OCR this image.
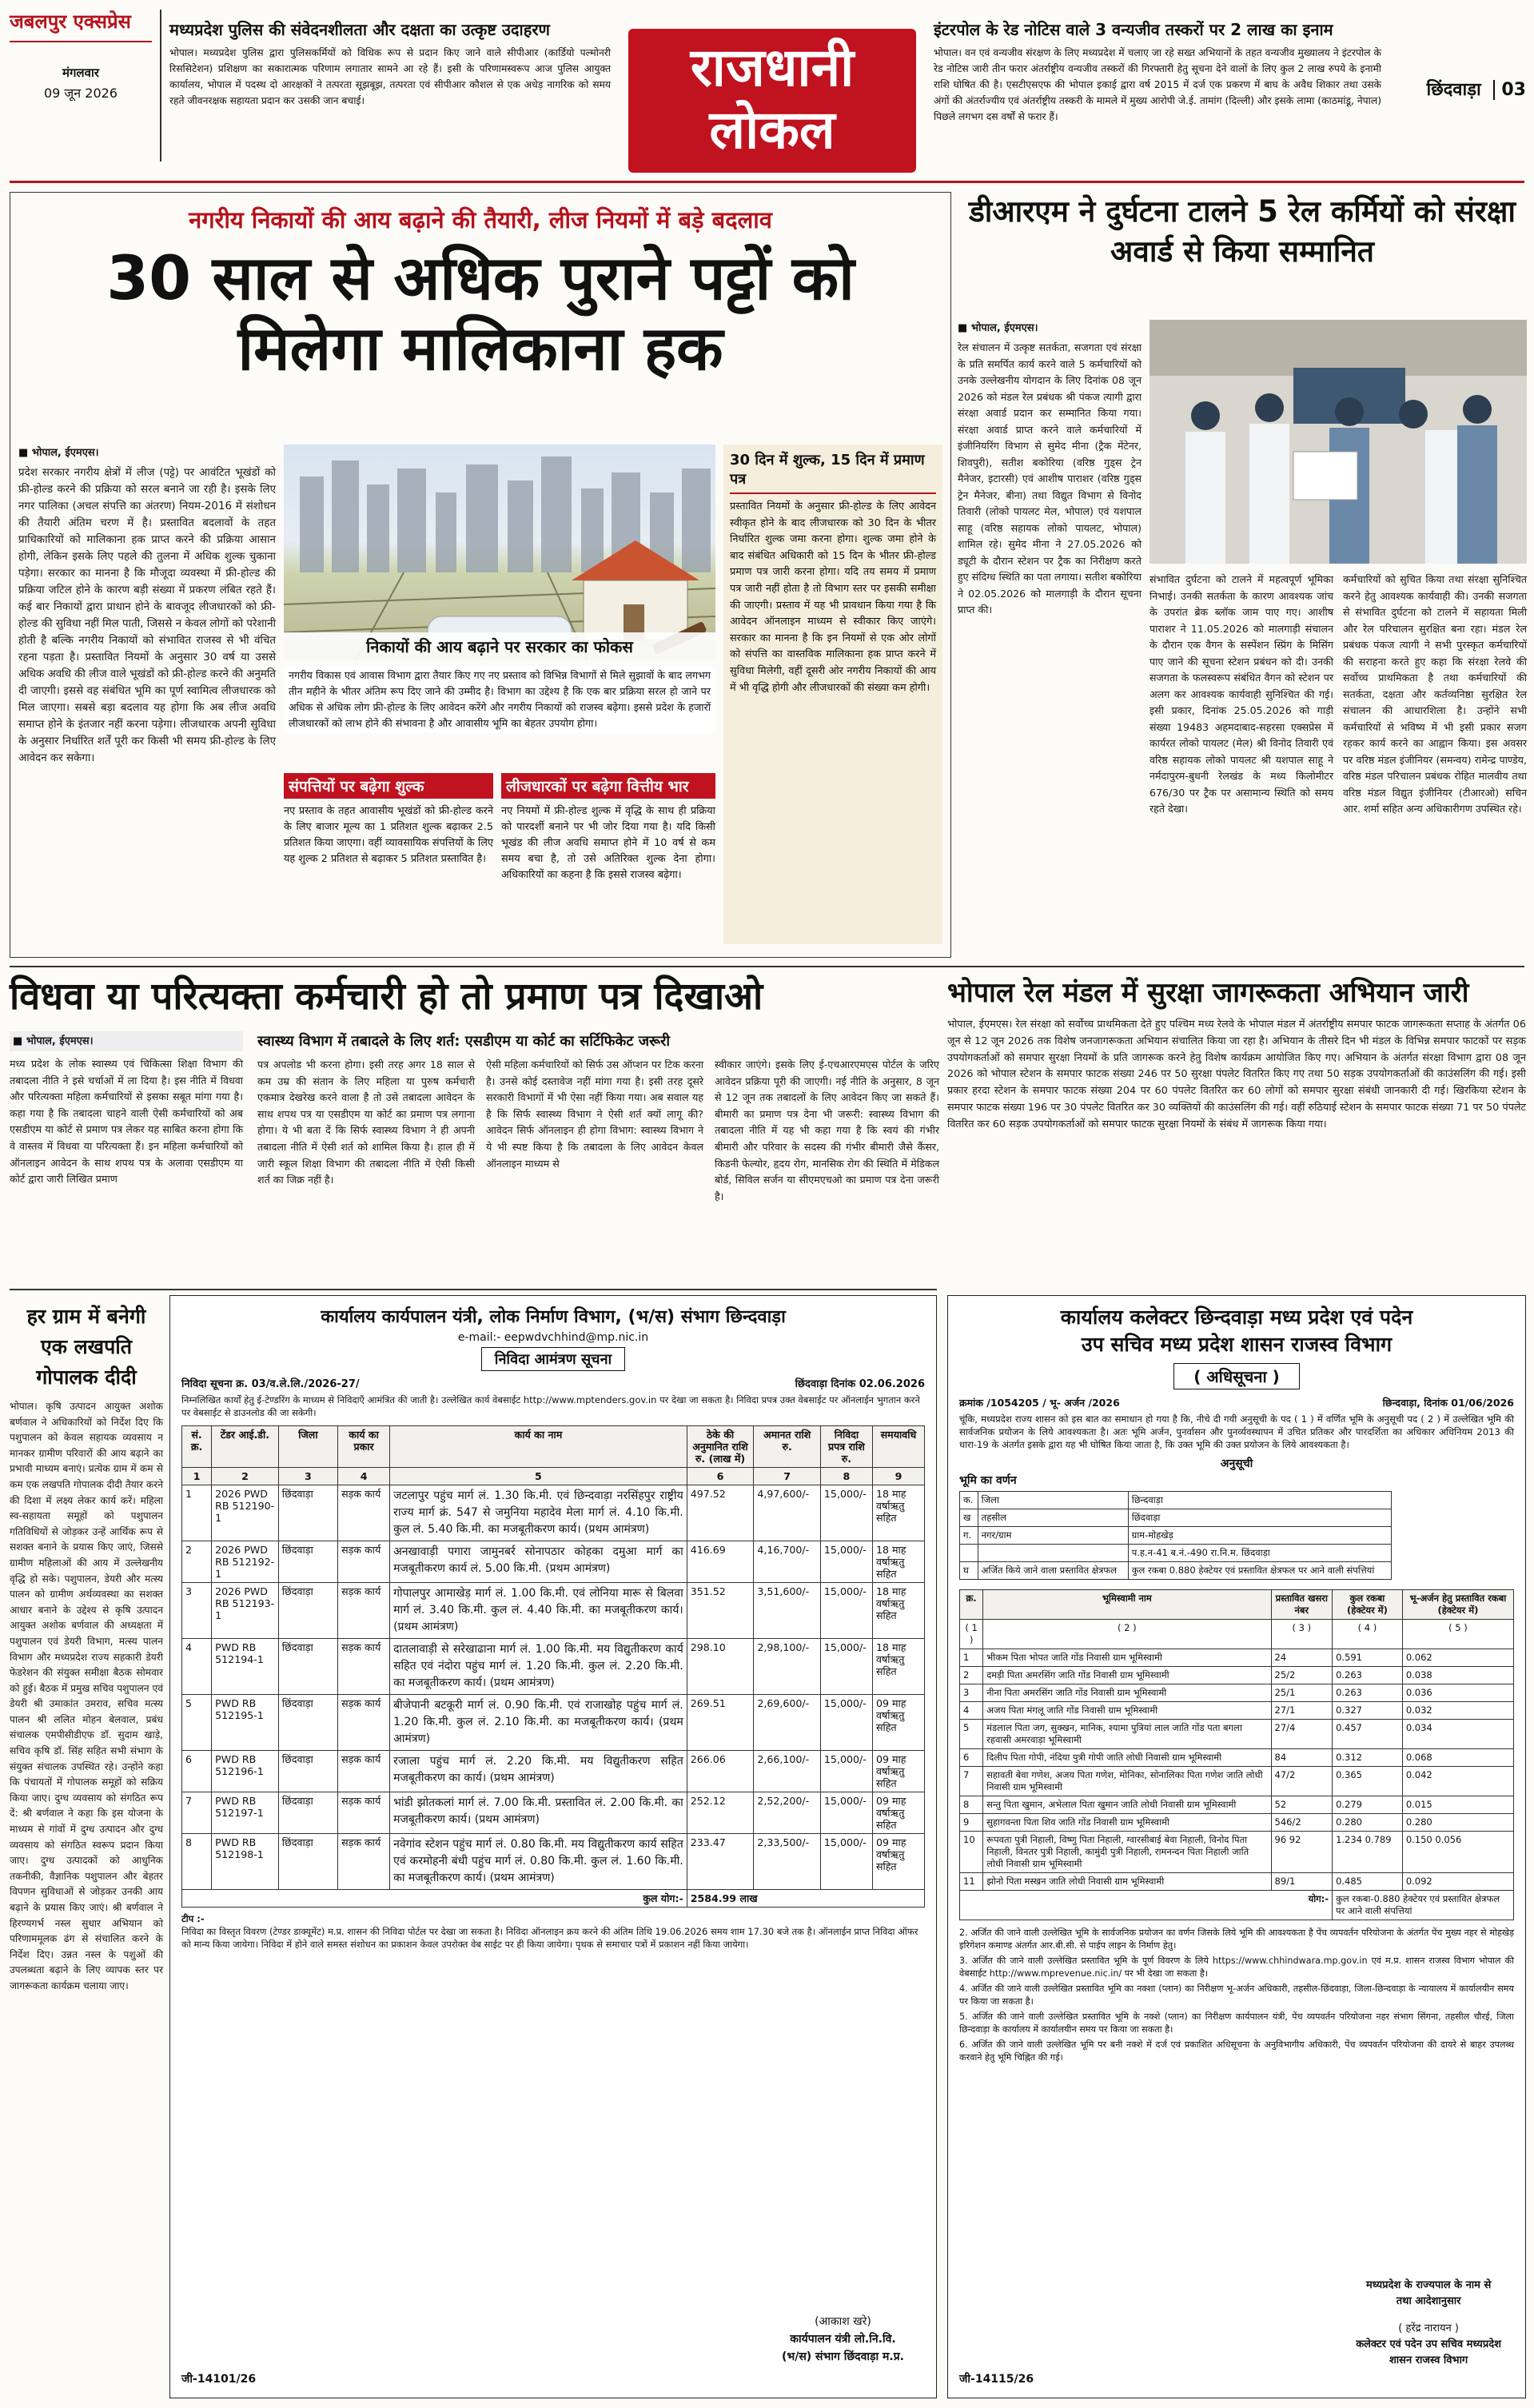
जबलपुर एक्सप्रेस
मंगलवार
09 जून 2026
मध्यप्रदेश पुलिस की संवेदनशीलता और दक्षता का उत्कृष्ट उदाहरण
भोपाल। मध्यप्रदेश पुलिस द्वारा पुलिसकर्मियों को विधिक रूप से प्रदान किए जाने वाले सीपीआर (कार्डियो पल्मोनरी रिससिटेशन) प्रशिक्षण का सकारात्मक परिणाम लगातार सामने आ रहे हैं। इसी के परिणामस्वरूप आज पुलिस आयुक्त कार्यालय, भोपाल में पदस्थ दो आरक्षकों ने तत्परता सूझबूझ, तत्परता एवं सीपीआर कौशल से एक अधेड़ नागरिक को समय रहते जीवनरक्षक सहायता प्रदान कर उसकी जान बचाई।
राजधानी
लोकल
इंटरपोल के रेड नोटिस वाले 3 वन्यजीव तस्करों पर 2 लाख का इनाम
भोपाल। वन एवं वन्यजीव संरक्षण के लिए मध्यप्रदेश में चलाए जा रहे सख्त अभियानों के तहत वन्यजीव मुख्यालय ने इंटरपोल के रेड नोटिस जारी तीन फरार अंतर्राष्ट्रीय वन्यजीव तस्करों की गिरफ्तारी हेतु सूचना देने वालों के लिए कुल 2 लाख रुपये के इनामी राशि घोषित की है। एसटीएसएफ की भोपाल इकाई द्वारा वर्ष 2015 में दर्ज एक प्रकरण में बाघ के अवैध शिकार तथा उसके अंगों की अंतर्राज्यीय एवं अंतर्राष्ट्रीय तस्करी के मामले में मुख्य आरोपी जे.ई. तामांग (दिल्ली) और इसके लामा (काठमांडू, नेपाल) पिछले लगभग दस वर्षों से फरार हैं।
छिंदवाड़ा 03
नगरीय निकायों की आय बढ़ाने की तैयारी, लीज नियमों में बड़े बदलाव
30 साल से अधिक पुराने पट्टों को मिलेगा मालिकाना हक

■ भोपाल, ईएमएस।

प्रदेश सरकार नगरीय क्षेत्रों में लीज (पट्टे) पर आवंटित भूखंडों को फ्री-होल्ड करने की प्रक्रिया को सरल बनाने जा रही है। इसके लिए नगर पालिका (अचल संपत्ति का अंतरण) नियम-2016 में संशोधन की तैयारी अंतिम चरण में है। प्रस्तावित बदलावों के तहत प्राधिकारियों को मालिकाना हक प्राप्त करने की प्रक्रिया आसान होगी, लेकिन इसके लिए पहले की तुलना में अधिक शुल्क चुकाना पड़ेगा। सरकार का मानना है कि मौजूदा व्यवस्था में फ्री-होल्ड की प्रक्रिया जटिल होने के कारण बड़ी संख्या में प्रकरण लंबित रहते हैं। कई बार निकायों द्वारा प्राधान होने के बावजूद लीजधारकों को फ्री-होल्ड की सुविधा नहीं मिल पाती, जिससे न केवल लोगों को परेशानी होती है बल्कि नगरीय निकायों को संभावित राजस्व से भी वंचित रहना पड़ता है। प्रस्तावित नियमों के अनुसार 30 वर्ष या उससे अधिक अवधि की लीज वाले भूखंडों को फ्री-होल्ड करने की अनुमति दी जाएगी। इससे वह संबंधित भूमि का पूर्ण स्वामित्व लीजधारक को मिल जाएगा। सबसे बड़ा बदलाव यह होगा कि अब लीज अवधि समाप्त होने के इंतजार नहीं करना पड़ेगा। लीजधारक अपनी सुविधा के अनुसार निर्धारित शर्तें पूरी कर किसी भी समय फ्री-होल्ड के लिए आवेदन कर सकेगा।

निकायों की आय बढ़ाने पर सरकार का फोकस
नगरीय विकास एवं आवास विभाग द्वारा तैयार किए गए नए प्रस्ताव को विभिन्न विभागों से मिले सुझावों के बाद लगभग तीन महीने के भीतर अंतिम रूप दिए जाने की उम्मीद है। विभाग का उद्देश्य है कि एक बार प्रक्रिया सरल हो जाने पर अधिक से अधिक लोग फ्री-होल्ड के लिए आवेदन करेंगे और नगरीय निकायों को राजस्व बढ़ेगा। इससे प्रदेश के हजारों लीजधारकों को लाभ होने की संभावना है और आवासीय भूमि का बेहतर उपयोग होगा।
संपत्तियों पर बढ़ेगा शुल्क
नए प्रस्ताव के तहत आवासीय भूखंडों को फ्री-होल्ड करने के लिए बाजार मूल्य का 1 प्रतिशत शुल्क बढ़ाकर 2.5 प्रतिशत किया जाएगा। वहीं व्यावसायिक संपत्तियों के लिए यह शुल्क 2 प्रतिशत से बढ़ाकर 5 प्रतिशत प्रस्तावित है।
लीजधारकों पर बढ़ेगा वित्तीय भार
नए नियमों में फ्री-होल्ड शुल्क में वृद्धि के साथ ही प्रक्रिया को पारदर्शी बनाने पर भी जोर दिया गया है। यदि किसी भूखंड की लीज अवधि समाप्त होने में 10 वर्ष से कम समय बचा है, तो उसे अतिरिक्त शुल्क देना होगा। अधिकारियों का कहना है कि इससे राजस्व बढ़ेगा।
30 दिन में शुल्क, 15 दिन में प्रमाण पत्र
प्रस्तावित नियमों के अनुसार फ्री-होल्ड के लिए आवेदन स्वीकृत होने के बाद लीजधारक को 30 दिन के भीतर निर्धारित शुल्क जमा करना होगा। शुल्क जमा होने के बाद संबंधित अधिकारी को 15 दिन के भीतर फ्री-होल्ड प्रमाण पत्र जारी करना होगा। यदि तय समय में प्रमाण पत्र जारी नहीं होता है तो विभाग स्तर पर इसकी समीक्षा की जाएगी। प्रस्ताव में यह भी प्रावधान किया गया है कि आवेदन ऑनलाइन माध्यम से स्वीकार किए जाएंगे। सरकार का मानना है कि इन नियमों से एक ओर लोगों को संपत्ति का वास्तविक मालिकाना हक प्राप्त करने में सुविधा मिलेगी, वहीं दूसरी ओर नगरीय निकायों की आय में भी वृद्धि होगी और लीजधारकों की संख्या कम होगी।
डीआरएम ने दुर्घटना टालने 5 रेल कर्मियों को संरक्षा अवार्ड से किया सम्मानित

■ भोपाल, ईएमएस।

रेल संचालन में उत्कृष्ट सतर्कता, सजगता एवं संरक्षा के प्रति समर्पित कार्य करने वाले 5 कर्मचारियों को उनके उल्लेखनीय योगदान के लिए दिनांक 08 जून 2026 को मंडल रेल प्रबंधक श्री पंकज त्यागी द्वारा संरक्षा अवार्ड प्रदान कर सम्मानित किया गया। संरक्षा अवार्ड प्राप्त करने वाले कर्मचारियों में इंजीनियरिंग विभाग से सुमेद मीना (ट्रैक मेंटेनर, शिवपुरी), सतीश बकोरिया (वरिष्ठ गुड्स ट्रेन मैनेजर, इटारसी) एवं आशीष पाराशर (वरिष्ठ गुड्स ट्रेन मैनेजर, बीना) तथा विद्युत विभाग से विनोद तिवारी (लोको पायलट मेल, भोपाल) एवं यशपाल साहू (वरिष्ठ सहायक लोको पायलट, भोपाल) शामिल रहे। सुमेद मीना ने 27.05.2026 को ड्यूटी के दौरान स्टेशन पर ट्रैक का निरीक्षण करते हुए संदिग्ध स्थिति का पता लगाया। सतीश बकोरिया ने 02.05.2026 को मालगाड़ी के दौरान सूचना प्राप्त की।

संभावित दुर्घटना को टालने में महत्वपूर्ण भूमिका निभाई। उनकी सतर्कता के कारण आवश्यक जांच के उपरांत ब्रेक ब्लॉक जाम पाए गए। आशीष पाराशर ने 11.05.2026 को मालगाड़ी संचालन के दौरान एक वैगन के सस्पेंशन स्प्रिंग के मिसिंग पाए जाने की सूचना स्टेशन प्रबंधन को दी। उनकी सजगता के फलस्वरूप संबंधित वैगन को स्टेशन पर अलग कर आवश्यक कार्यवाही सुनिश्चित की गई। इसी प्रकार, दिनांक 25.05.2026 को गाड़ी संख्या 19483 अहमदाबाद-सहरसा एक्सप्रेस में कार्यरत लोको पायलट (मेल) श्री विनोद तिवारी एवं वरिष्ठ सहायक लोको पायलट श्री यशपाल साहू ने नर्मदापुरम-बुधनी रेलखंड के मध्य किलोमीटर 676/30 पर ट्रैक पर असामान्य स्थिति को समय रहते देखा।

कर्मचारियों को सुचित किया तथा संरक्षा सुनिश्चित करने हेतु आवश्यक कार्यवाही की। उनकी सजगता से संभावित दुर्घटना को टालने में सहायता मिली और रेल परिचालन सुरक्षित बना रहा। मंडल रेल प्रबंधक पंकज त्यागी ने सभी पुरस्कृत कर्मचारियों की सराहना करते हुए कहा कि संरक्षा रेलवे की सर्वोच्च प्राथमिकता है तथा कर्मचारियों की सतर्कता, दक्षता और कर्तव्यनिष्ठा सुरक्षित रेल संचालन की आधारशिला है। उन्होंने सभी कर्मचारियों से भविष्य में भी इसी प्रकार सजग रहकर कार्य करने का आह्वान किया। इस अवसर पर वरिष्ठ मंडल इंजीनियर (समन्वय) रामेन्द्र पाण्डेय, वरिष्ठ मंडल परिचालन प्रबंधक रोहित मालवीय तथा वरिष्ठ मंडल विद्युत इंजीनियर (टीआरओ) सचिन आर. शर्मा सहित अन्य अधिकारीगण उपस्थित रहे।

विधवा या परित्यक्ता कर्मचारी हो तो प्रमाण पत्र दिखाओ
स्वास्थ्य विभाग में तबादले के लिए शर्त: एसडीएम या कोर्ट का सर्टिफिकेट जरूरी

■ भोपाल, ईएमएस।

मध्य प्रदेश के लोक स्वास्थ्य एवं चिकित्सा शिक्षा विभाग की तबादला नीति ने इसे चर्चाओं में ला दिया है। इस नीति में विधवा और परित्यक्ता महिला कर्मचारियों से इसका सबूत मांगा गया है। कहा गया है कि तबादला चाहने वाली ऐसी कर्मचारियों को अब एसडीएम या कोर्ट से प्रमाण पत्र लेकर यह साबित करना होगा कि वे वास्तव में विधवा या परित्यक्ता हैं। इन महिला कर्मचारियों को ऑनलाइन आवेदन के साथ शपथ पत्र के अलावा एसडीएम या कोर्ट द्वारा जारी लिखित प्रमाण

पत्र अपलोड भी करना होगा। इसी तरह अगर 18 साल से कम उम्र की संतान के लिए महिला या पुरुष कर्मचारी एकमात्र देखरेख करने वाला है तो उसे तबादला आवेदन के साथ शपथ पत्र या एसडीएम या कोर्ट का प्रमाण पत्र लगाना होगा। ये भी बता दें कि सिर्फ स्वास्थ्य विभाग ने ही अपनी तबादला नीति में ऐसी शर्त को शामिल किया है। हाल ही में जारी स्कूल शिक्षा विभाग की तबादला नीति में ऐसी किसी शर्त का जिक्र नहीं है।

ऐसी महिला कर्मचारियों को सिर्फ उस ऑप्शन पर टिक करना है। उनसे कोई दस्तावेज नहीं मांगा गया है। इसी तरह दूसरे सरकारी विभागों में भी ऐसा नहीं किया गया। अब सवाल यह है कि सिर्फ स्वास्थ्य विभाग ने ऐसी शर्त क्यों लागू की? आवेदन सिर्फ ऑनलाइन ही होगा विभाग: स्वास्थ्य विभाग ने ये भी स्पष्ट किया है कि तबादला के लिए आवेदन केवल ऑनलाइन माध्यम से

स्वीकार जाएंगे। इसके लिए ई-एचआरएमएस पोर्टल के जरिए आवेदन प्रक्रिया पूरी की जाएगी। नई नीति के अनुसार, 8 जून से 12 जून तक तबादलों के लिए आवेदन किए जा सकते हैं। बीमारी का प्रमाण पत्र देना भी जरूरी: स्वास्थ्य विभाग की तबादला नीति में यह भी कहा गया है कि स्वयं की गंभीर बीमारी और परिवार के सदस्य की गंभीर बीमारी जैसे कैंसर, किडनी फेल्योर, हृदय रोग, मानसिक रोग की स्थिति में मेडिकल बोर्ड, सिविल सर्जन या सीएमएचओ का प्रमाण पत्र देना जरूरी है।

भोपाल रेल मंडल में सुरक्षा जागरूकता अभियान जारी

भोपाल, ईएमएस। रेल संरक्षा को सर्वोच्च प्राथमिकता देते हुए पश्चिम मध्य रेलवे के भोपाल मंडल में अंतर्राष्ट्रीय समपार फाटक जागरूकता सप्ताह के अंतर्गत 06 जून से 12 जून 2026 तक विशेष जनजागरूकता अभियान संचालित किया जा रहा है। अभियान के तीसरे दिन भी मंडल के विभिन्न समपार फाटकों पर सड़क उपयोगकर्ताओं को समपार सुरक्षा नियमों के प्रति जागरूक करने हेतु विशेष कार्यक्रम आयोजित किए गए। अभियान के अंतर्गत संरक्षा विभाग द्वारा 08 जून 2026 को भोपाल स्टेशन के समपार फाटक संख्या 246 पर 50 सुरक्षा पंपलेट वितरित किए गए तथा 50 सड़क उपयोगकर्ताओं की काउंसलिंग की गई। इसी प्रकार हरदा स्टेशन के समपार फाटक संख्या 204 पर 60 पंपलेट वितरित कर 60 लोगों को समपार सुरक्षा संबंधी जानकारी दी गई। खिरकिया स्टेशन के समपार फाटक संख्या 196 पर 30 पंपलेट वितरित कर 30 व्यक्तियों की काउंसलिंग की गई। वहीं रुठियाई स्टेशन के समपार फाटक संख्या 71 पर 50 पंपलेट वितरित कर 60 सड़क उपयोगकर्ताओं को समपार फाटक सुरक्षा नियमों के संबंध में जागरूक किया गया।

हर ग्राम में बनेगी
एक लखपति
गोपालक दीदी

भोपाल। कृषि उत्पादन आयुक्त अशोक बर्णवाल ने अधिकारियों को निर्देश दिए कि पशुपालन को केवल सहायक व्यवसाय न मानकर ग्रामीण परिवारों की आय बढ़ाने का प्रभावी माध्यम बनाएं। प्रत्येक ग्राम में कम से कम एक लखपति गोपालक दीदी तैयार करने की दिशा में लक्ष्य लेकर कार्य करें। महिला स्व-सहायता समूहों को पशुपालन गतिविधियों से जोड़कर उन्हें आर्थिक रूप से सशक्त बनाने के प्रयास किए जाएं, जिससे ग्रामीण महिलाओं की आय में उल्लेखनीय वृद्धि हो सके। पशुपालन, डेयरी और मत्स्य पालन को ग्रामीण अर्थव्यवस्था का सशक्त आधार बनाने के उद्देश्य से कृषि उत्पादन आयुक्त अशोक बर्णवाल की अध्यक्षता में पशुपालन एवं डेयरी विभाग, मत्स्य पालन विभाग और मध्यप्रदेश राज्य सहकारी डेयरी फेडरेशन की संयुक्त समीक्षा बैठक सोमवार को हुई। बैठक में प्रमुख सचिव पशुपालन एवं डेयरी श्री उमाकांत उमराव, सचिव मत्स्य पालन श्री ललित मोहन बेलवाल, प्रबंध संचालक एमपीसीडीएफ डॉ. सुदाम खाड़े, सचिव कृषि डॉ. सिंह सहित सभी संभाग के संयुक्त संचालक उपस्थित रहे। उन्होंने कहा कि पंचायतों में गोपालक समूहों को सक्रिय किया जाए। दुग्ध व्यवसाय को संगठित रूप दें: श्री बर्णवाल ने कहा कि इस योजना के माध्यम से गांवों में दुग्ध उत्पादन और दुग्ध व्यवसाय को संगठित स्वरूप प्रदान किया जाए। दुग्ध उत्पादकों को आधुनिक तकनीकी, वैज्ञानिक पशुपालन और बेहतर विपणन सुविधाओं से जोड़कर उनकी आय बढ़ाने के प्रयास किए जाएं। श्री बर्णवाल ने हिरण्यगर्भ नस्ल सुधार अभियान को परिणाममूलक ढंग से संचालित करने के निर्देश दिए। उन्नत नस्ल के पशुओं की उपलब्धता बढ़ाने के लिए व्यापक स्तर पर जागरूकता कार्यक्रम चलाया जाए।

कार्यालय कार्यपालन यंत्री, लोक निर्माण विभाग, (भ/स) संभाग छिन्दवाड़ा
e-mail:- eepwdvchhind@mp.nic.in
निविदा आमंत्रण सूचना
निविदा सूचना क्र. 03/व.ले.लि./2026-27/	छिंदवाड़ा दिनांक 02.06.2026
निम्नलिखित कार्यों हेतु ई-टेण्डरिंग के माध्यम से निविदाएँ आमंत्रित की जाती है। उल्लेखित कार्य वेबसाईट http://www.mptenders.gov.in पर देखा जा सकता है। निविदा प्रपत्र उक्त वेबसाईट पर ऑनलाईन भुगतान करने पर वेबसाईट से डाउनलोड की जा सकेगी।
सं. क्र.	टेंडर आई.डी.	जिला	कार्य का प्रकार	कार्य का नाम	ठेके की अनुमानित राशि रु. (लाख में)	अमानत राशि रु.	निविदा प्रपत्र राशि रु.	समयावधि
1	2	3	4	5	6	7	8	9
1	2026 PWD RB 512190-1	छिंदवाड़ा	सड़क कार्य	जटलापुर पहुंच मार्ग लं. 1.30 कि.मी. एवं छिन्दवाड़ा नरसिंहपुर राष्ट्रीय राज्य मार्ग क्रं. 547 से जमुनिया महादेव मेला मार्ग लं. 4.10 कि.मी. कुल लं. 5.40 कि.मी. का मजबूतीकरण कार्य। (प्रथम आमंत्रण)	497.52	4,97,600/-	15,000/-	18 माह वर्षाऋतु सहित
2	2026 PWD RB 512192-1	छिंदवाड़ा	सड़क कार्य	अनखावाड़ी पगारा जामुनबर्र सोनापठार कोहका दमुआ मार्ग का मजबूतीकरण कार्य लं. 5.00 कि.मी. (प्रथम आमंत्रण)	416.69	4,16,700/-	15,000/-	18 माह वर्षाऋतु सहित
3	2026 PWD RB 512193-1	छिंदवाड़ा	सड़क कार्य	गोपालपुर आमाखेड़ मार्ग लं. 1.00 कि.मी. एवं लोनिया मारू से बिलवा मार्ग लं. 3.40 कि.मी. कुल लं. 4.40 कि.मी. का मजबूतीकरण कार्य। (प्रथम आमंत्रण)	351.52	3,51,600/-	15,000/-	18 माह वर्षाऋतु सहित
4	PWD RB 512194-1	छिंदवाड़ा	सड़क कार्य	दातलावाड़ी से सरेखाढाना मार्ग लं. 1.00 कि.मी. मय विद्युतीकरण कार्य सहित एवं नंदोरा पहुंच मार्ग लं. 1.20 कि.मी. कुल लं. 2.20 कि.मी. का मजबूतीकरण कार्य। (प्रथम आमंत्रण)	298.10	2,98,100/-	15,000/-	18 माह वर्षाऋतु सहित
5	PWD RB 512195-1	छिंदवाड़ा	सड़क कार्य	बीजेपानी बटकूरी मार्ग लं. 0.90 कि.मी. एवं राजाखोह पहुंच मार्ग लं. 1.20 कि.मी. कुल लं. 2.10 कि.मी. का मजबूतीकरण कार्य। (प्रथम आमंत्रण)	269.51	2,69,600/-	15,000/-	09 माह वर्षाऋतु सहित
6	PWD RB 512196-1	छिंदवाड़ा	सड़क कार्य	रजाला पहुंच मार्ग लं. 2.20 कि.मी. मय विद्युतीकरण सहित मजबूतीकरण का कार्य। (प्रथम आमंत्रण)	266.06	2,66,100/-	15,000/-	09 माह वर्षाऋतु सहित
7	PWD RB 512197-1	छिंदवाड़ा	सड़क कार्य	भांडी झोतकलां मार्ग लं. 7.00 कि.मी. प्रस्तावित लं. 2.00 कि.मी. का मजबूतीकरण कार्य। (प्रथम आमंत्रण)	252.12	2,52,200/-	15,000/-	09 माह वर्षाऋतु सहित
8	PWD RB 512198-1	छिंदवाड़ा	सड़क कार्य	नवेगांव स्टेशन पहुंच मार्ग लं. 0.80 कि.मी. मय विद्युतीकरण कार्य सहित एवं करमोहनी बंधी पहुंच मार्ग लं. 0.80 कि.मी. कुल लं. 1.60 कि.मी. का मजबूतीकरण कार्य। (प्रथम आमंत्रण)	233.47	2,33,500/-	15,000/-	09 माह वर्षाऋतु सहित
कुल योग:-					2584.99 लाख			
टीप :-
निविदा का विस्तृत विवरण (टेण्डर डाक्यूमेंट) म.प्र. शासन की निविदा पोर्टल पर देखा जा सकता है। निविदा ऑनलाइन क्रय करने की अंतिम तिथि 19.06.2026 समय शाम 17.30 बजे तक है। ऑनलाईन प्राप्त निविदा ऑफर को मान्य किया जायेगा। निविदा में होने वाले समस्त संशोधन का प्रकाशन केवल उपरोक्त वेब साईट पर ही किया जायेगा। पृथक से समाचार पत्रों में प्रकाशन नहीं किया जायेगा।
(आकाश खरे)
कार्यपालन यंत्री लो.नि.वि.
(भ/स) संभाग छिंदवाड़ा म.प्र.
जी-14101/26
कार्यालय कलेक्टर छिन्दवाड़ा मध्य प्रदेश एवं पदेन
उप सचिव मध्य प्रदेश शासन राजस्व विभाग
( अधिसूचना )
क्रमांक /1054205 / भू- अर्जन /2026	छिन्दवाड़ा, दिनांक 01/06/2026
चूंकि, मध्यप्रदेश राज्य शासन को इस बात का समाधान हो गया है कि, नीचे दी गयी अनुसूची के पद ( 1 ) में वर्णित भूमि के अनुसूची पद ( 2 ) में उल्लेखित भूमि की सार्वजनिक प्रयोजन के लिये आवश्यकता है। अतः भूमि अर्जन, पुनर्वासन और पुनर्व्यवस्थापन में उचित प्रतिकर और पारदर्शिता का अधिकार अधिनियम 2013 की धारा-19 के अंतर्गत इसके द्वारा यह भी घोषित किया जाता है, कि उक्त भूमि की उक्त प्रयोजन के लिये आवश्यकता है।
अनुसूची
भूमि का वर्णन
क.	जिला	छिन्दवाड़ा
ख	तहसील	छिंदवाड़ा
ग.	नगर/ग्राम	ग्राम-मोहखेड़
		प.ह.न-41 ब.नं.-490 रा.नि.म. छिंदवाड़ा
घ	अर्जित किये जाने वाला प्रस्तावित क्षेत्रफल	कुल रकबा 0.880 हेक्टेयर एवं प्रस्तावित क्षेत्रफल पर आने वाली संपत्तियां
क्र.	भूमिस्वामी नाम	प्रस्तावित खसरा नंबर	कुल रकबा (हेक्टेयर में)	भू-अर्जन हेतु प्रस्तावित रकबा (हेक्टेयर में)
( 1 )	( 2 )	( 3 )	( 4 )	( 5 )
1	भीकम पिता भोपत जाति गोंड निवासी ग्राम भूमिस्वामी	24	0.591	0.062
2	दमड़ी पिता अमरसिंग जाति गोंड निवासी ग्राम भूमिस्वामी	25/2	0.263	0.038
3	नीना पिता अमरसिंग जाति गोंड निवासी ग्राम भूमिस्वामी	25/1	0.263	0.036
4	अजय पिता मंगलू जाति गोंड निवासी ग्राम भूमिस्वामी	27/1	0.327	0.032
5	मंडलाल पिता जग, सुक्खन, मानिक, श्यामा पुत्रियां लाल जाति गोंड पता बगला रहवासी अमरवाड़ा भूमिस्वामी	27/4	0.457	0.034
6	दिलीप पिता गोपी, नंदिया पुत्री गोपी जाति लोधी निवासी ग्राम भूमिस्वामी	84	0.312	0.068
7	सहावती बेवा गणेश, अजय पिता गणेश, मोनिका, सोनालिका पिता गणेश जाति लोधी निवासी ग्राम भूमिस्वामी	47/2	0.365	0.042
8	सन्तु पिता खुमान, अभेलाल पिता खुमान जाति लोधी निवासी ग्राम भूमिस्वामी	52	0.279	0.015
9	सुहागवन्ता पिता शिव जाति गोंड निवासी ग्राम भूमिस्वामी	546/2	0.280	0.280
10	रूपवता पुत्री निहाली, विष्णु पिता निहाली, ग्वारसीबाई बेवा निहाली, विनोद पिता निहाली, विनतर पुत्री निहाली, कामुंदी पुत्री निहाली, रामनन्दन पिता निहाली जाति लोधी निवासी ग्राम भूमिस्वामी	96 92	1.234 0.789	0.150 0.056
11	झोनो पिता मस्खन जाति लोधी निवासी ग्राम भूमिस्वामी	89/1	0.485	0.092
योग:-			कुल रकबा-0.880 हेक्टेयर एवं प्रस्तावित क्षेत्रफल पर आने वाली संपत्तियां	
2. अर्जित की जाने वाली उल्लेखित भूमि के सार्वजनिक प्रयोजन का वर्णन जिसके लिये भूमि की आवश्यकता है पेंच व्यपवर्तन परियोजना के अंतर्गत पेंच मुख्य नहर से मोहखेड़ इरिगेशन कमाण्ड अंतर्गत आर.बी.सी. से पाईप लाइन के निर्माण हेतु।
3. अर्जित की जाने वाली उल्लेखित प्रस्तावित भूमि के पूर्ण विवरण के लिये https://www.chhindwara.mp.gov.in एवं म.प्र. शासन राजस्व विभाग भोपाल की वेबसाईट http://www.mprevenue.nic.in/ पर भी देखा जा सकता है।
4. अर्जित की जाने वाली उल्लेखित प्रस्तावित भूमि का नक्शा (प्लान) का निरीक्षण भू-अर्जन अधिकारी, तहसील-छिंदवाड़ा, जिला-छिन्दवाड़ा के न्यायालय में कार्यालयीन समय पर किया जा सकता है।
5. अर्जित की जाने वाली उल्लेखित प्रस्तावित भूमि के नक्शे (प्लान) का निरीक्षण कार्यपालन यंत्री, पेंच व्यपवर्तन परियोजना नहर संभाग सिंगना, तहसील चौरई, जिला छिन्दवाड़ा के कार्यालय में कार्यालयीन समय पर किया जा सकता है।
6. अर्जित की जाने वाली उल्लेखित भूमि पर बनी नक्शे में दर्ज एवं प्रकाशित अधिसूचना के अनुविभागीय अधिकारी, पेंच व्यपवर्तन परियोजना की दायरे से बाहर उपलब्ध करवाने हेतु भूमि चिह्नित की गई।
मध्यप्रदेश के राज्यपाल के नाम से
तथा आदेशानुसार
( हरेंद्र नारायन )
कलेक्टर एवं पदेन उप सचिव मध्यप्रदेश
शासन राजस्व विभाग
जी-14115/26
